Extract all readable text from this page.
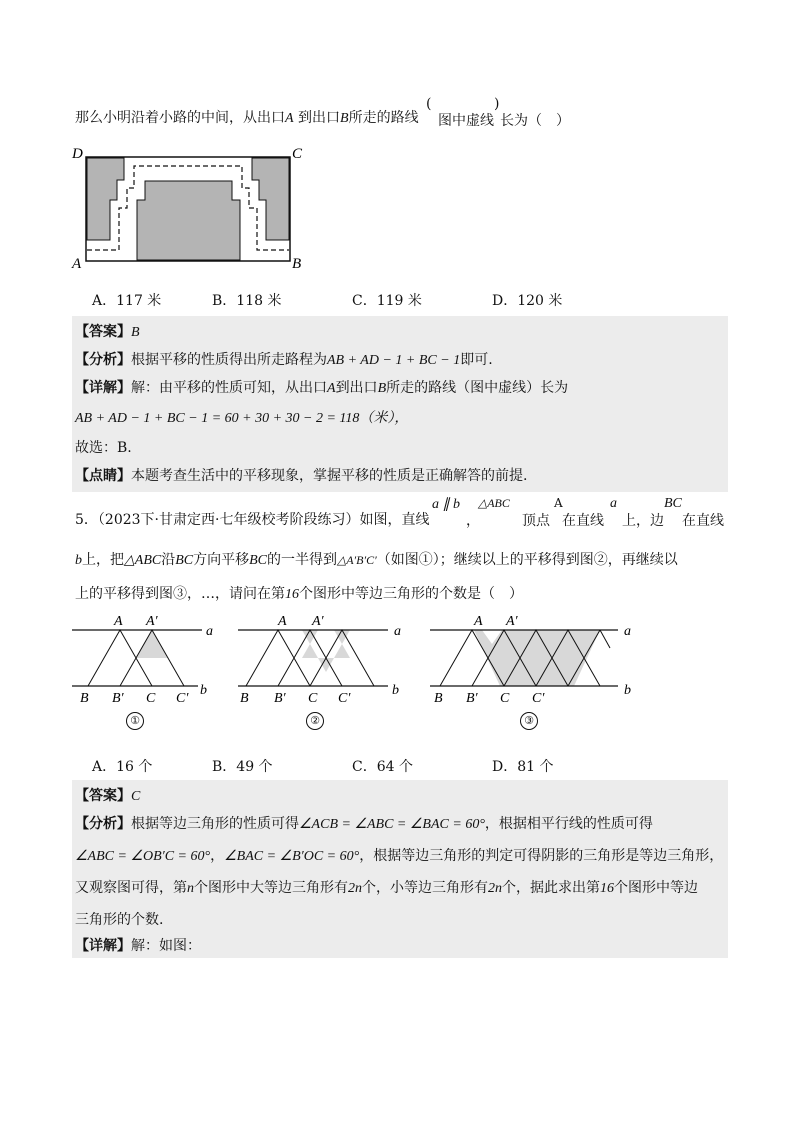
那么小明沿着小路的中间，从出口A 到出口B所走的路线
(
图中虚线
)
长为（　）
D	C
A	B
A．117 米	B．118 米	C．119 米	D．120 米
【答案】B
【分析】根据平移的性质得出所走路程为AB + AD − 1 + BC − 1即可.
【详解】解：由平移的性质可知，从出口A到出口B所走的路线（图中虚线）长为
AB + AD − 1 + BC − 1 = 60 + 30 + 30 − 2 = 118（米），
故选：B.
【点睛】本题考查生活中的平移现象，掌握平移的性质是正确解答的前提.
5．（2023下·甘肃定西·七年级校考阶段练习）如图，直线
a ∥ b
，
△ABC
顶点
A
在直线
a
上，边
BC
在直线
b上，把△ABC沿BC方向平移BC的一半得到△A′B′C′（如图①）；继续以上的平移得到图②，再继续以
上的平移得到图③，…，请问在第16个图形中等边三角形的个数是（　）
A A′
a
B B′ C C′
b
①
A A′
a
B B′ C C′
b
②
A A′
a
B B′ C C′
b
③
A．16 个	B．49 个	C．64 个	D．81 个
【答案】C
【分析】根据等边三角形的性质可得∠ACB = ∠ABC = ∠BAC = 60°，根据相平行线的性质可得
∠ABC = ∠OB′C = 60°，∠BAC = ∠B′OC = 60°，根据等边三角形的判定可得阴影的三角形是等边三角形，
又观察图可得，第n个图形中大等边三角形有2n个，小等边三角形有2n个，据此求出第16个图形中等边
三角形的个数.
【详解】解：如图：
